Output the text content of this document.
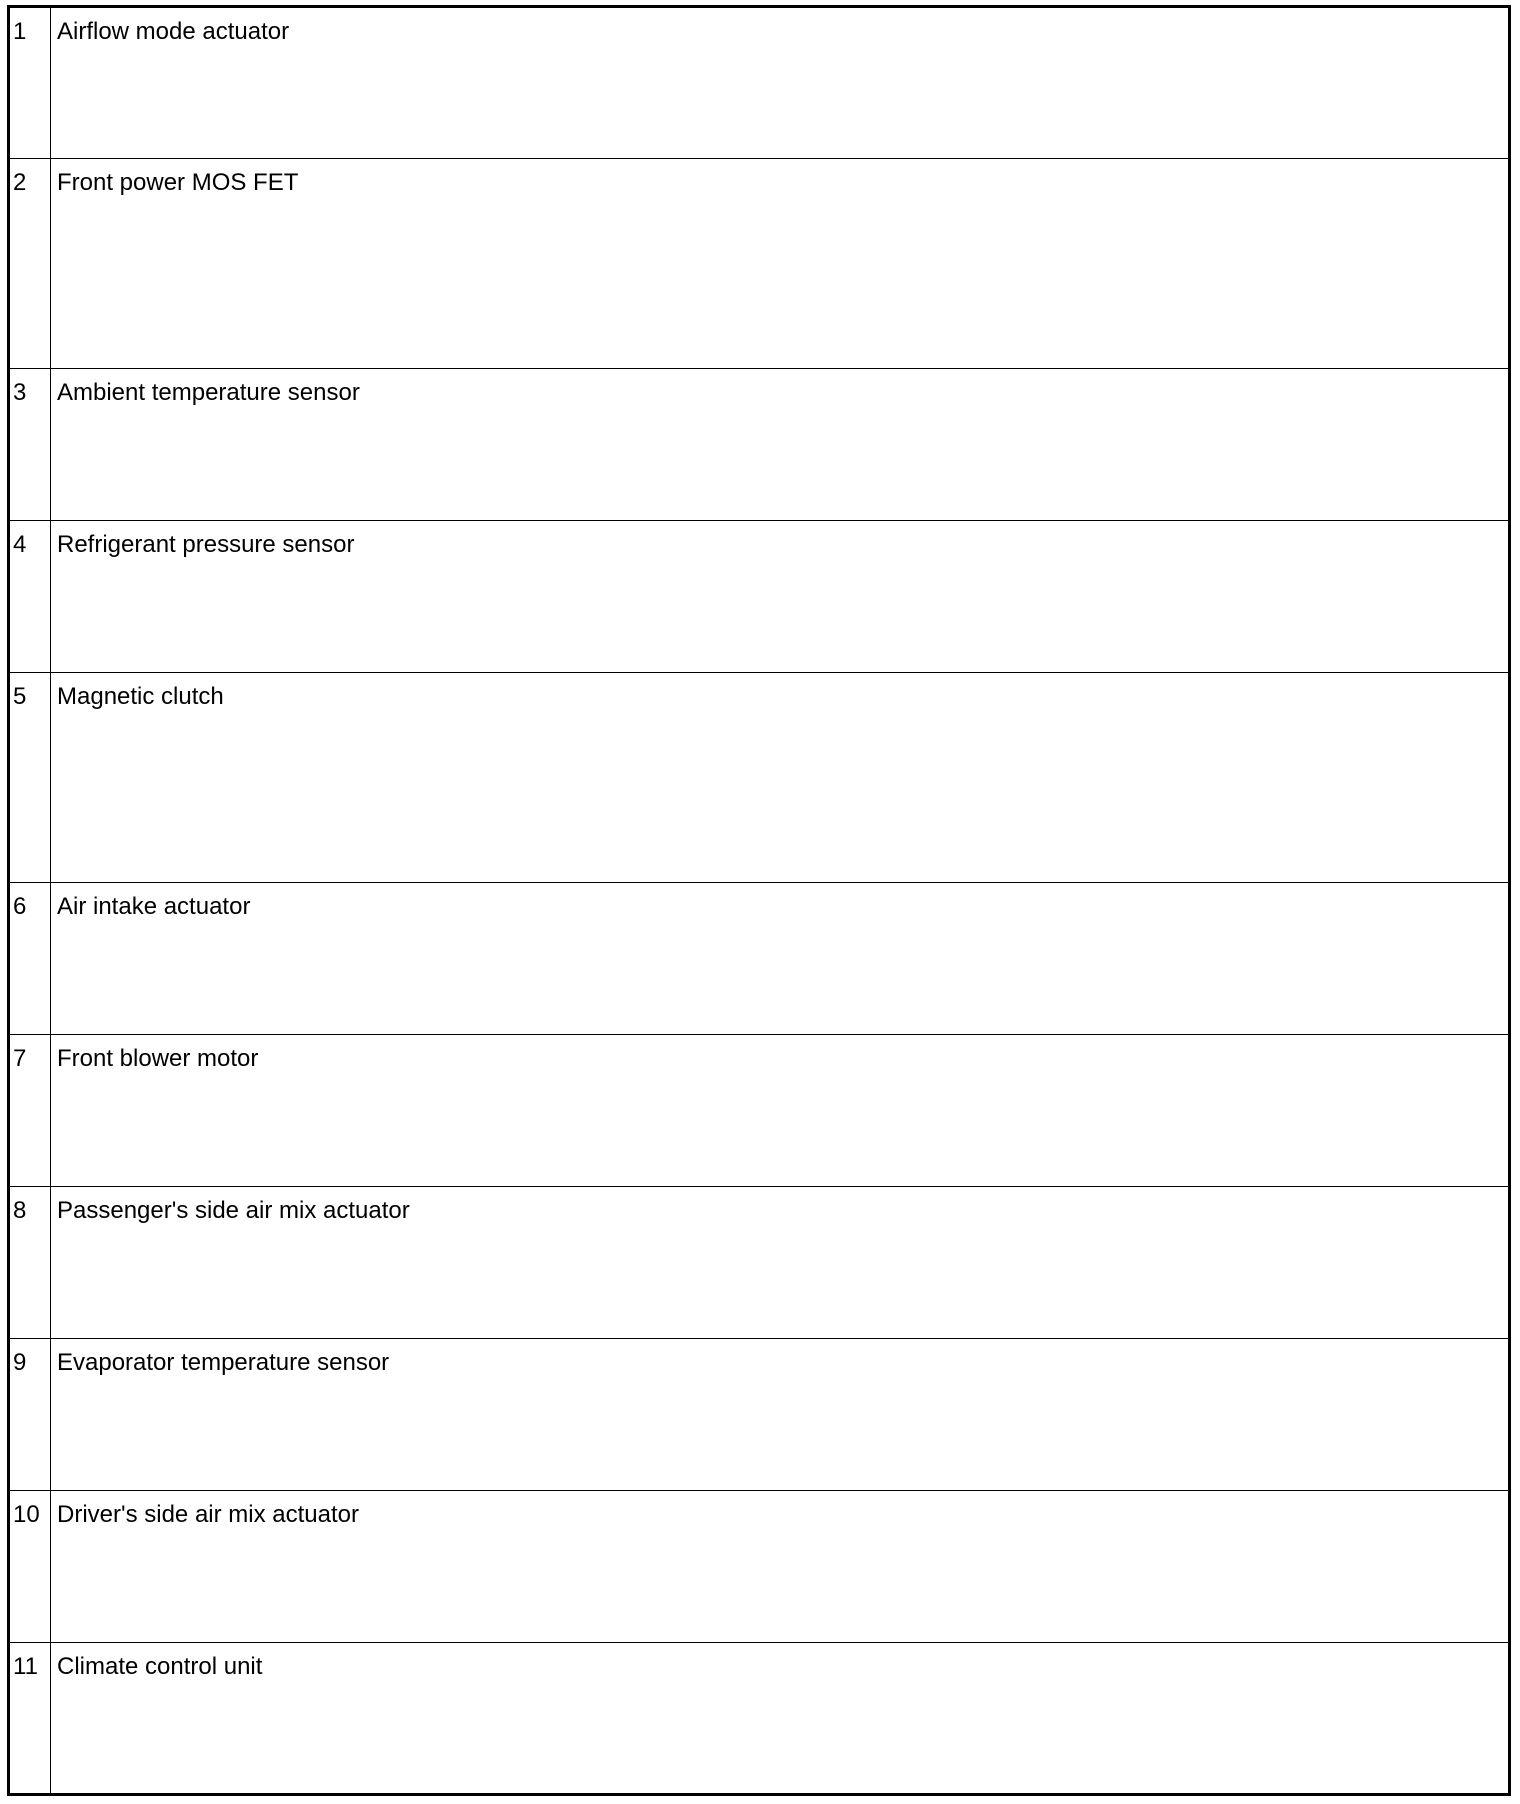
1	Airflow mode actuator
2	Front power MOS FET
3	Ambient temperature sensor
4	Refrigerant pressure sensor
5	Magnetic clutch
6	Air intake actuator
7	Front blower motor
8	Passenger's side air mix actuator
9	Evaporator temperature sensor
10	Driver's side air mix actuator
11	Climate control unit
